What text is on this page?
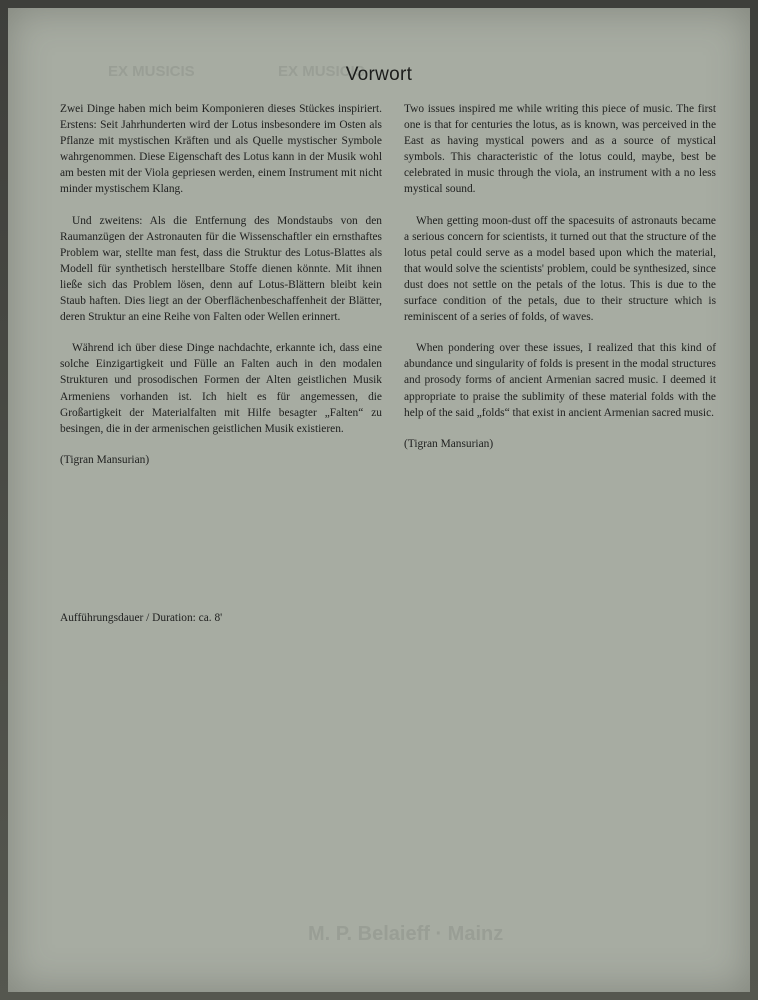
EX MUSICIS                    EX MUSICIS
M. P. Belaieff · Mainz
Vorwort

Zwei Dinge haben mich beim Komponieren dieses Stückes inspiriert. Erstens: Seit Jahrhunderten wird der Lotus insbesondere im Osten als Pflanze mit mystischen Kräften und als Quelle mystischer Symbole wahrgenommen. Diese Eigenschaft des Lotus kann in der Musik wohl am besten mit der Viola gepriesen werden, einem Instrument mit nicht minder mystischem Klang.

Und zweitens: Als die Entfernung des Mondstaubs von den Raumanzügen der Astronauten für die Wissenschaftler ein ernsthaftes Problem war, stellte man fest, dass die Struktur des Lotus-Blattes als Modell für synthetisch herstellbare Stoffe dienen könnte. Mit ihnen ließe sich das Problem lösen, denn auf Lotus-Blättern bleibt kein Staub haften. Dies liegt an der Oberflächenbeschaffenheit der Blätter, deren Struktur an eine Reihe von Falten oder Wellen erinnert.

Während ich über diese Dinge nachdachte, erkannte ich, dass eine solche Einzigartigkeit und Fülle an Falten auch in den modalen Strukturen und prosodischen Formen der Alten geistlichen Musik Armeniens vorhanden ist. Ich hielt es für angemessen, die Großartigkeit der Materialfalten mit Hilfe besagter „Falten“ zu besingen, die in der armenischen geistlichen Musik existieren.

(Tigran Mansurian)

Two issues inspired me while writing this piece of music. The first one is that for centuries the lotus, as is known, was perceived in the East as having mystical powers and as a source of mystical symbols. This characteristic of the lotus could, maybe, best be celebrated in music through the viola, an instrument with a no less mystical sound.

When getting moon-dust off the spacesuits of astronauts became a serious concern for scientists, it turned out that the structure of the lotus petal could serve as a model based upon which the material, that would solve the scientists' problem, could be synthesized, since dust does not settle on the petals of the lotus. This is due to the surface condition of the petals, due to their structure which is reminiscent of a series of folds, of waves.

When pondering over these issues, I realized that this kind of abundance und singularity of folds is present in the modal structures and prosody forms of ancient Armenian sacred music. I deemed it appropriate to praise the sublimity of these material folds with the help of the said „folds“ that exist in ancient Armenian sacred music.

(Tigran Mansurian)

Aufführungsdauer / Duration: ca. 8'
